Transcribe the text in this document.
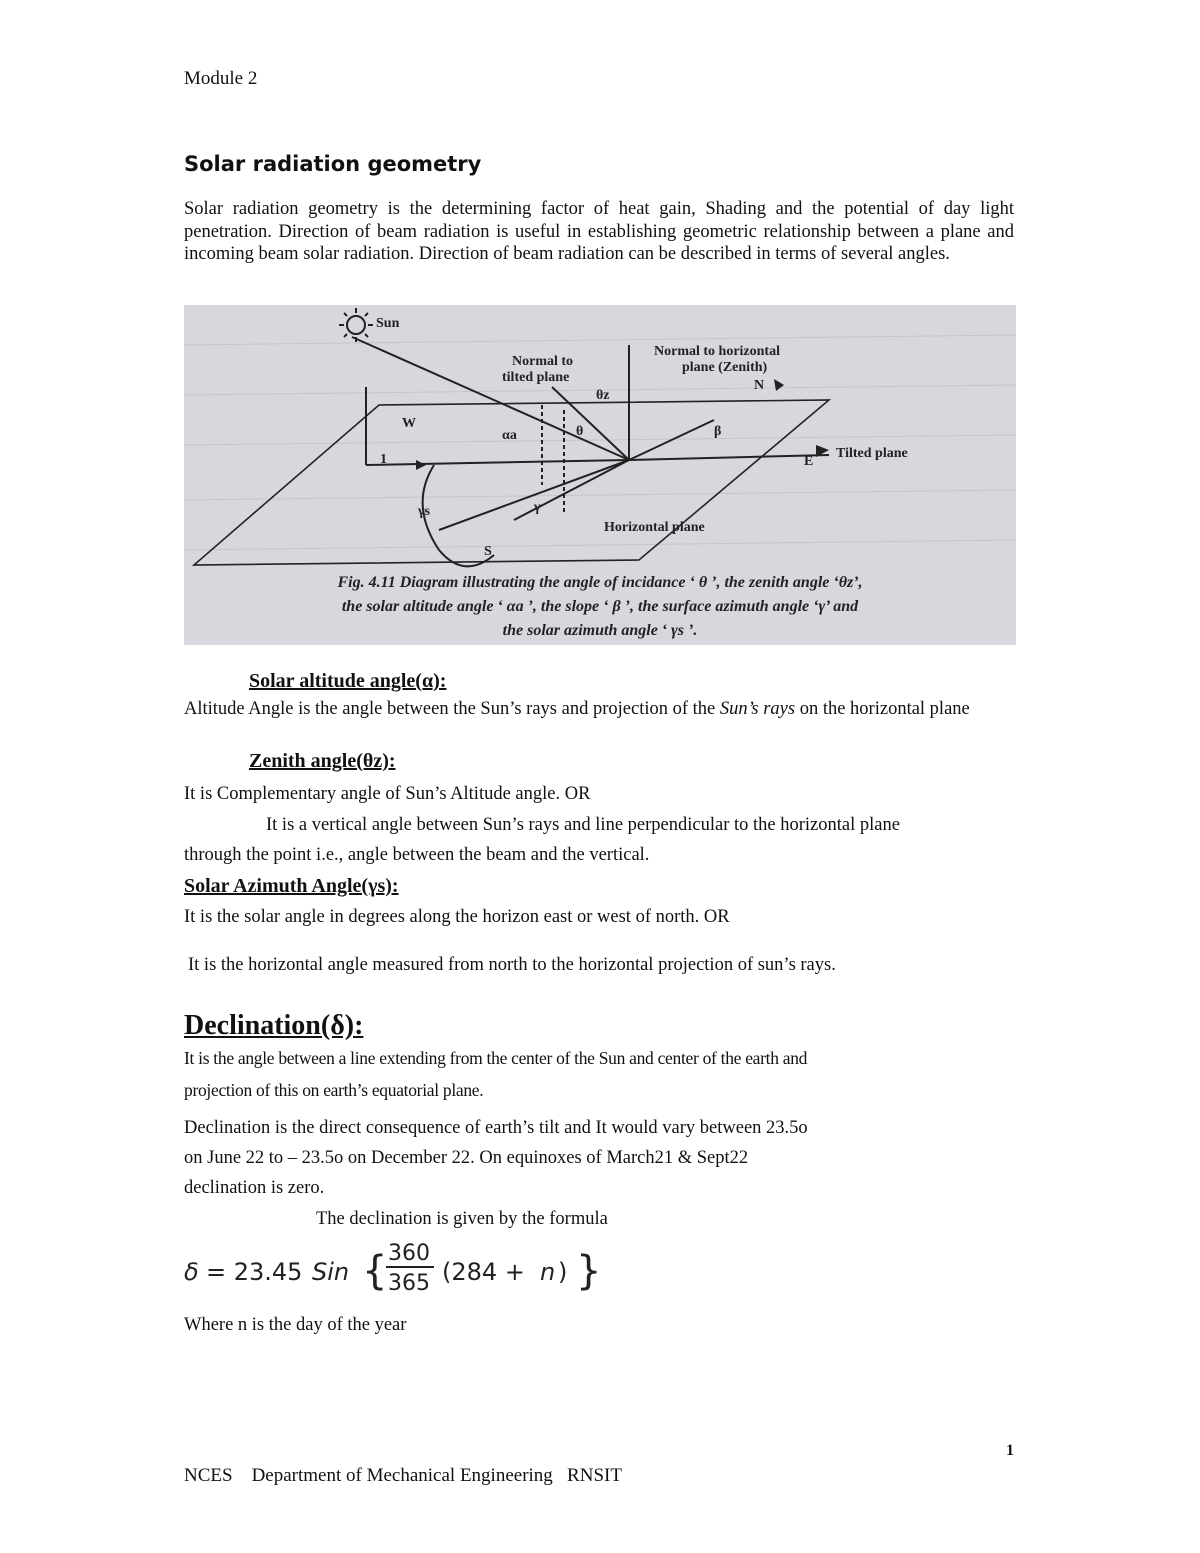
Module 2
Solar radiation geometry
Solar radiation geometry is the determining factor of heat gain, Shading and the potential of day light penetration. Direction of beam radiation is useful in establishing geometric relationship between a plane and incoming beam solar radiation. Direction of beam radiation can be described in terms of several angles.
Sun
Normal to
tilted plane
Normal to horizontal
plane (Zenith)
N
W
E
S
Tilted plane
Horizontal plane
θz
θ
αa	β
γ
γs
1
Fig. 4.11 Diagram illustrating the angle of incidance ‘ θ ’, the zenith angle ‘θz’,
the solar altitude angle ‘ αa ’, the slope ‘ β ’, the surface azimuth angle ‘γ’ and
the solar azimuth angle ‘ γs ’.
Solar altitude angle(α):
Altitude Angle is the angle between the Sun’s rays and projection of the Sun’s rays on the horizontal plane
Zenith angle(θz):
It is Complementary angle of Sun’s Altitude angle. OR
It is a vertical angle between Sun’s rays and line perpendicular to the horizontal plane
through the point i.e., angle between the beam and the vertical.
Solar Azimuth Angle(γs):
It is the solar angle in degrees along the horizon east or west of north. OR
It is the horizontal angle measured from north to the horizontal projection of sun’s rays.
Declination(δ):
It is the angle between a line extending from the center of the Sun and center of the earth and
projection of this on earth’s equatorial plane.
Declination is the direct consequence of earth’s tilt and It would vary between 23.5o
on June 22 to – 23.5o on December 22. On equinoxes of March21 & Sept22
declination is zero.
The declination is given by the formula
δ = 23.45 Sin { 360
365 (284 + n ) }
Where n is the day of the year
1
NCES    Department of Mechanical Engineering   RNSIT
